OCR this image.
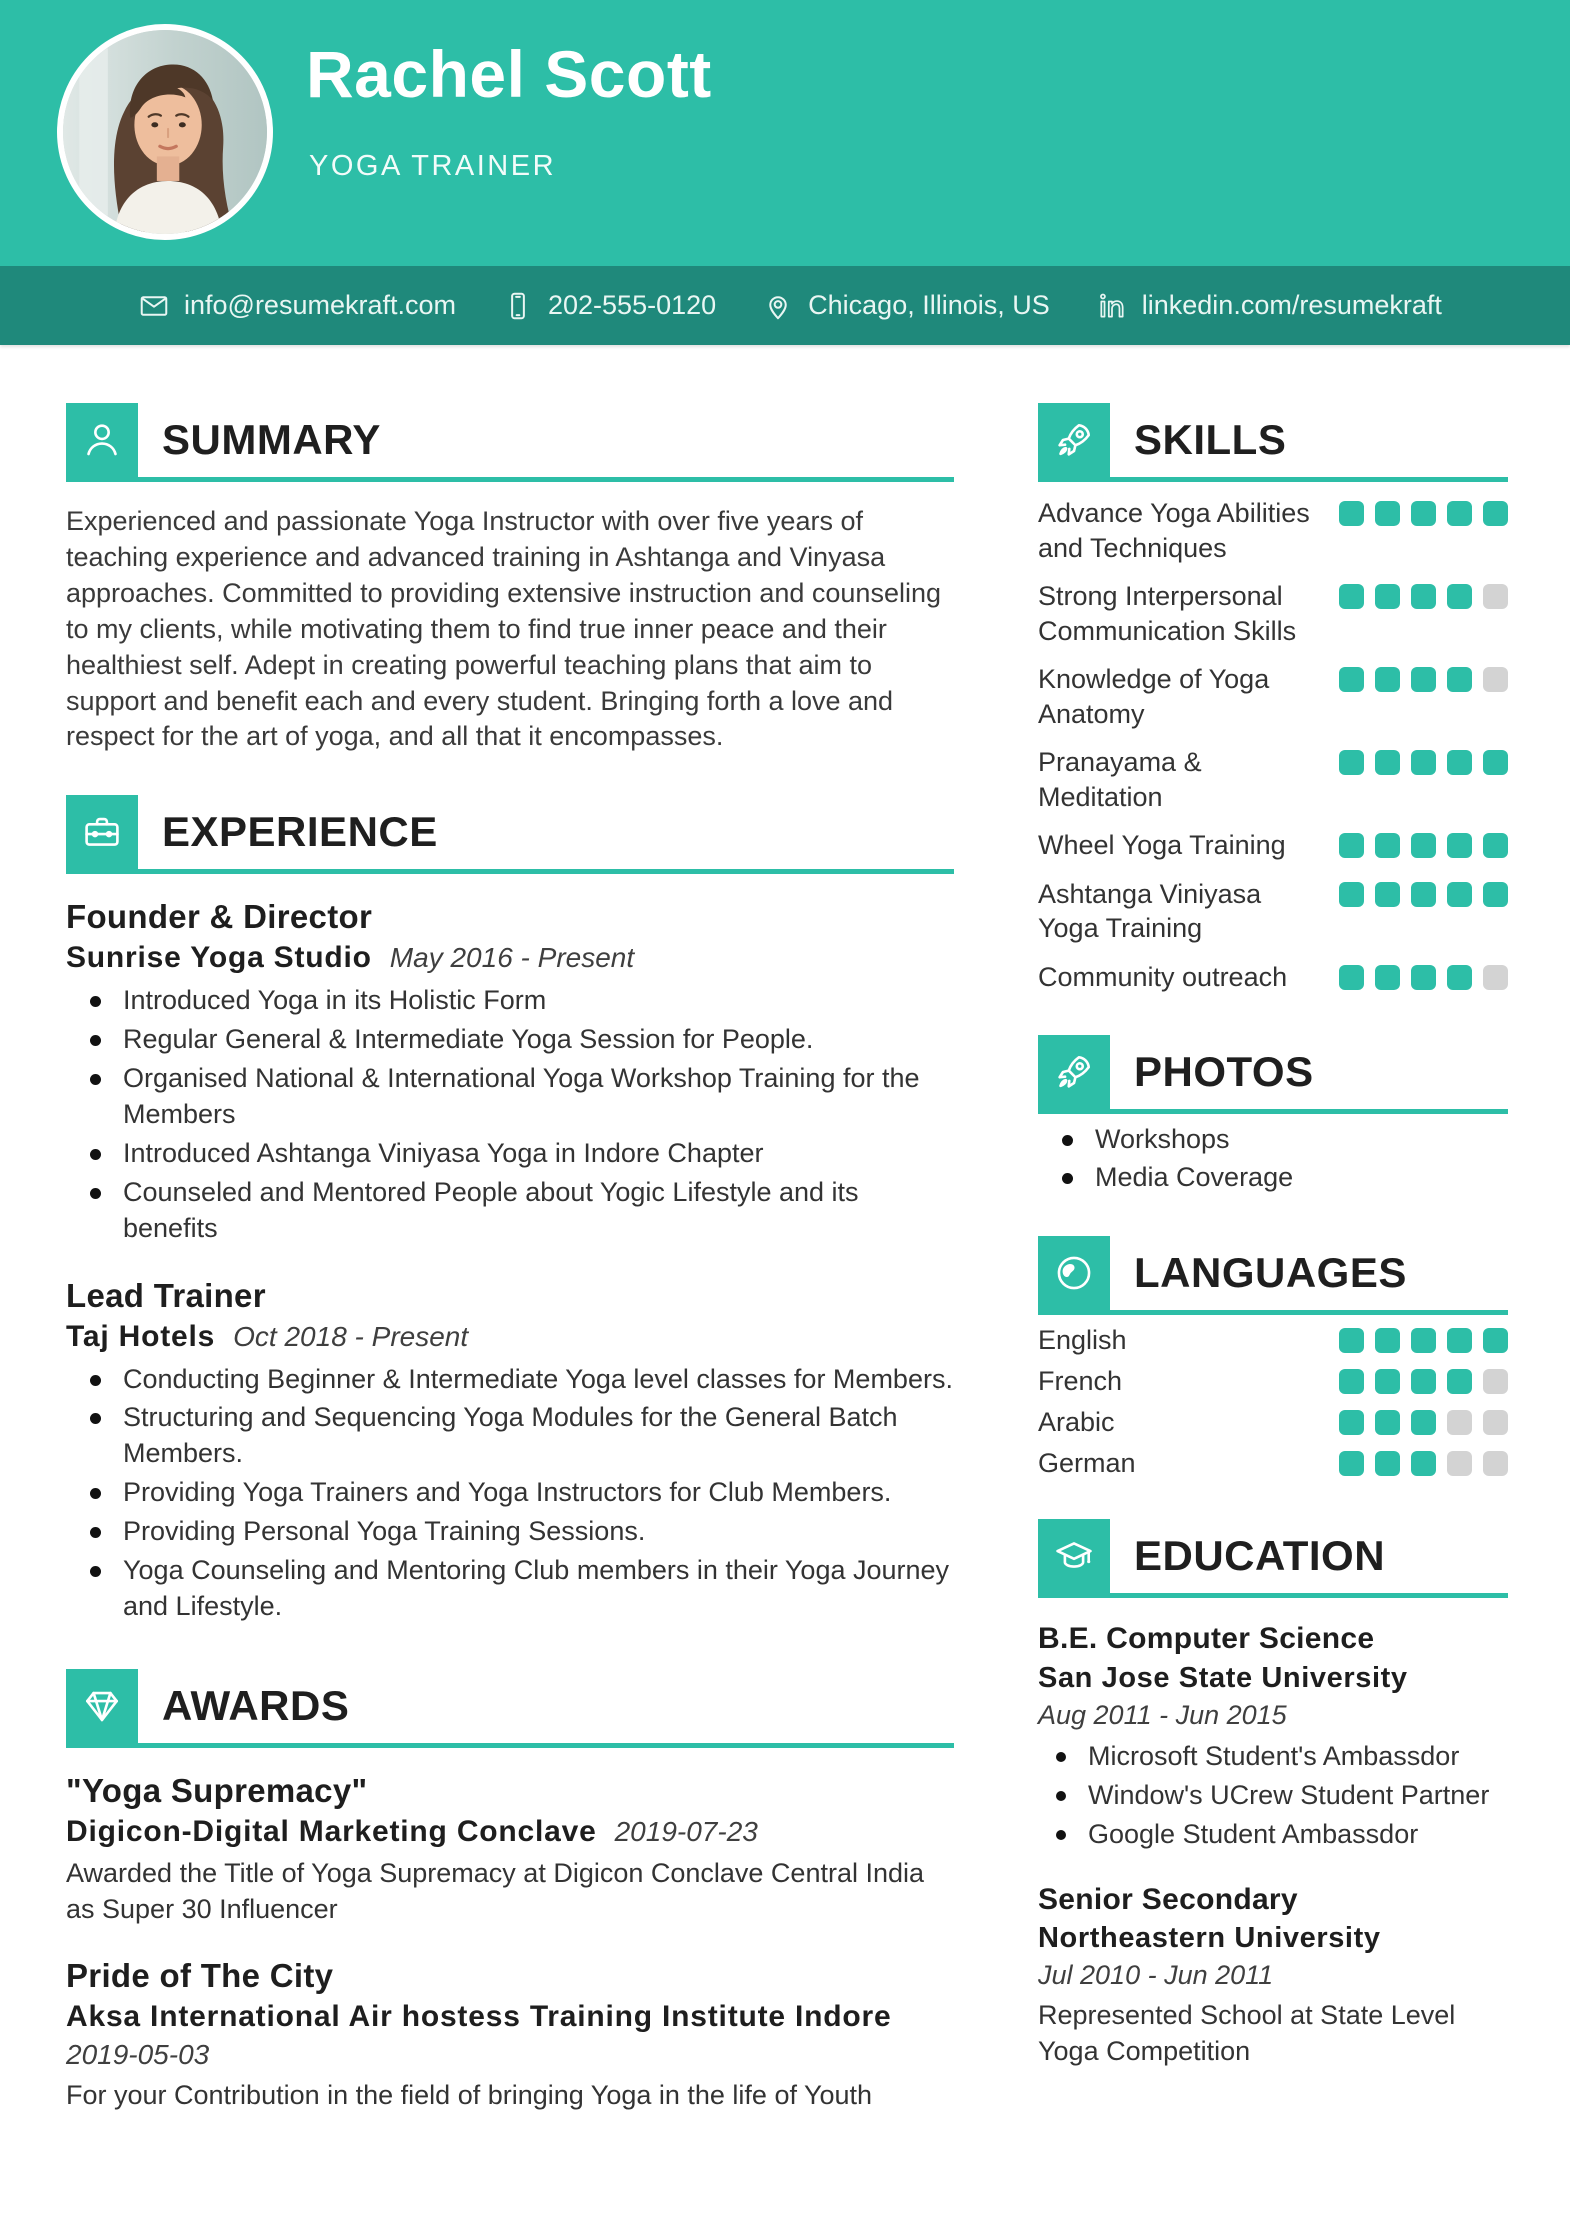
Rachel Scott
YOGA TRAINER
info@resumekraft.com	202-555-0120	Chicago, Illinois, US	linkedin.com/resumekraft
SUMMARY

Experienced and passionate Yoga Instructor with over five years of teaching experience and advanced training in Ashtanga and Vinyasa approaches. Committed to providing extensive instruction and counseling to my clients, while motivating them to find true inner peace and their healthiest self. Adept in creating powerful teaching plans that aim to support and benefit each and every student. Bringing forth a love and respect for the art of yoga, and all that it encompasses.

EXPERIENCE
Founder & Director
Sunrise Yoga Studio May 2016 - Present
Introduced Yoga in its Holistic Form
Regular General & Intermediate Yoga Session for People.
Organised National & International Yoga Workshop Training for the Members
Introduced Ashtanga Viniyasa Yoga in Indore Chapter
Counseled and Mentored People about Yogic Lifestyle and its benefits
Lead Trainer
Taj Hotels Oct 2018 - Present
Conducting Beginner & Intermediate Yoga level classes for Members.
Structuring and Sequencing Yoga Modules for the General Batch Members.
Providing Yoga Trainers and Yoga Instructors for Club Members.
Providing Personal Yoga Training Sessions.
Yoga Counseling and Mentoring Club members in their Yoga Journey and Lifestyle.
AWARDS
"Yoga Supremacy"
Digicon-Digital Marketing Conclave 2019-07-23

Awarded the Title of Yoga Supremacy at Digicon Conclave Central India as Super 30 Influencer

Pride of The City
Aksa International Air hostess Training Institute Indore
2019-05-03

For your Contribution in the field of bringing Yoga in the life of Youth

SKILLS
Advance Yoga Abilities and Techniques
Strong Interpersonal Communication Skills
Knowledge of Yoga Anatomy
Pranayama & Meditation
Wheel Yoga Training
Ashtanga Viniyasa Yoga Training
Community outreach
PHOTOS
Workshops
Media Coverage
LANGUAGES
English
French
Arabic
German
EDUCATION
B.E. Computer Science
San Jose State University
Aug 2011 - Jun 2015
Microsoft Student's Ambassdor
Window's UCrew Student Partner
Google Student Ambassdor
Senior Secondary
Northeastern University
Jul 2010 - Jun 2011

Represented School at State Level Yoga Competition
